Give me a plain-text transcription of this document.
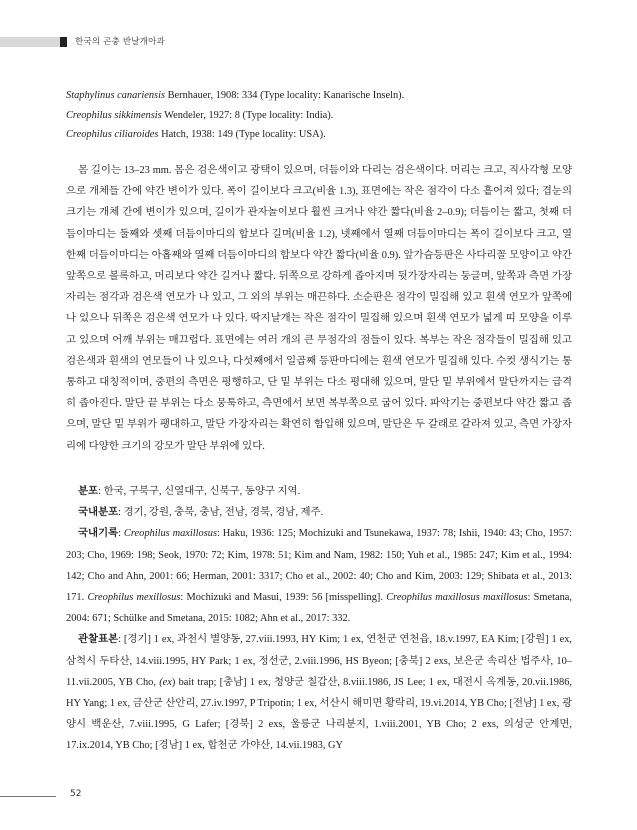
한국의 곤충 반날개아과

Staphylinus canariensis Bernhauer, 1908: 334 (Type locality: Kanarische Inseln).

Creophilus sikkimensis Wendeler, 1927: 8 (Type locality: India).

Creophilus ciliaroides Hatch, 1938: 149 (Type locality: USA).

몸 길이는 13–23 mm. 몸은 검은색이고 광택이 있으며, 더듬이와 다리는 검은색이다. 머리는 크고, 직사각형 모양으로 개체들 간에 약간 변이가 있다. 폭이 길이보다 크고(비율 1.3), 표면에는 작은 점각이 다소 흩어져 있다; 겹눈의 크기는 개체 간에 변이가 있으며, 길이가 관자놀이보다 훨씬 크거나 약간 짧다(비율 2–0.9); 더듬이는 짧고, 첫째 더듬이마디는 둘째와 셋째 더듬이마디의 합보다 길며(비율 1.2), 넷째에서 열째 더듬이마디는 폭이 길이보다 크고, 열한째 더듬이마디는 아홉째와 열째 더듬이마디의 합보다 약간 짧다(비율 0.9). 앞가슴등판은 사다리꼴 모양이고 약간 앞쪽으로 볼록하고, 머리보다 약간 길거나 짧다. 뒤쪽으로 강하게 좁아지며 뒷가장자리는 둥글며, 앞쪽과 측면 가장자리는 점각과 검은색 연모가 나 있고, 그 외의 부위는 매끈하다. 소순판은 점각이 밀집해 있고 흰색 연모가 앞쪽에 나 있으나 뒤쪽은 검은색 연모가 나 있다. 딱지날개는 작은 점각이 밀집해 있으며 흰색 연모가 넓게 띠 모양을 이루고 있으며 어깨 부위는 매끄럽다. 표면에는 여러 개의 큰 무점각의 점들이 있다. 복부는 작은 점각들이 밀집해 있고 검은색과 흰색의 연모들이 나 있으나, 다섯째에서 일곱째 등판마디에는 흰색 연모가 밀집해 있다. 수컷 생식기는 통통하고 대칭적이며, 중편의 측면은 평행하고, 단 밑 부위는 다소 평대해 있으며, 말단 밑 부위에서 말단까지는 급격히 좁아진다. 말단 끝 부위는 다소 뭉툭하고, 측면에서 보면 복부쪽으로 굽어 있다. 파악기는 중편보다 약간 짧고 좁으며, 말단 밑 부위가 팽대하고, 말단 가장자리는 확연히 함입해 있으며, 말단은 두 갈래로 갈라져 있고, 측면 가장자리에 다양한 크기의 강모가 말단 부위에 있다.

분포: 한국, 구북구, 신열대구, 신북구, 동양구 지역.

국내분포: 경기, 강원, 충북, 충남, 전남, 경북, 경남, 제주.

국내기록: Creophilus maxillosus: Haku, 1936: 125; Mochizuki and Tsunekawa, 1937: 78; Ishii, 1940: 43; Cho, 1957: 203; Cho, 1969: 198; Seok, 1970: 72; Kim, 1978: 51; Kim and Nam, 1982: 150; Yuh et al., 1985: 247; Kim et al., 1994: 142; Cho and Ahn, 2001: 66; Herman, 2001: 3317; Cho et al., 2002: 40; Cho and Kim, 2003: 129; Shibata et al., 2013: 171. Creophilus mexillosus: Mochizuki and Masui, 1939: 56 [misspelling]. Creophilus maxillosus maxillosus: Smetana, 2004: 671; Schülke and Smetana, 2015: 1082; Ahn et al., 2017: 332.

관찰표본: [경기] 1 ex, 과천시 별양동, 27.viii.1993, HY Kim; 1 ex, 연천군 연천읍, 18.v.1997, EA Kim; [강원] 1 ex, 삼척시 두타산, 14.viii.1995, HY Park; 1 ex, 정선군, 2.viii.1996, HS Byeon; [충북] 2 exs, 보은군 속리산 법주사, 10–11.vii.2005, YB Cho, (ex) bait trap; [충남] 1 ex, 청양군 칠갑산, 8.viii.1986, JS Lee; 1 ex, 대전시 옥계동, 20.vii.1986, HY Yang; 1 ex, 금산군 산안리, 27.iv.1997, P Tripotin; 1 ex, 서산시 해미면 황락리, 19.vi.2014, YB Cho; [전남] 1 ex, 광양시 백운산, 7.viii.1995, G Lafer; [경북] 2 exs, 울릉군 나리분지, 1.viii.2001, YB Cho; 2 exs, 의성군 안계면, 17.ix.2014, YB Cho; [경남] 1 ex, 합천군 가야산, 14.vii.1983, GY

52
